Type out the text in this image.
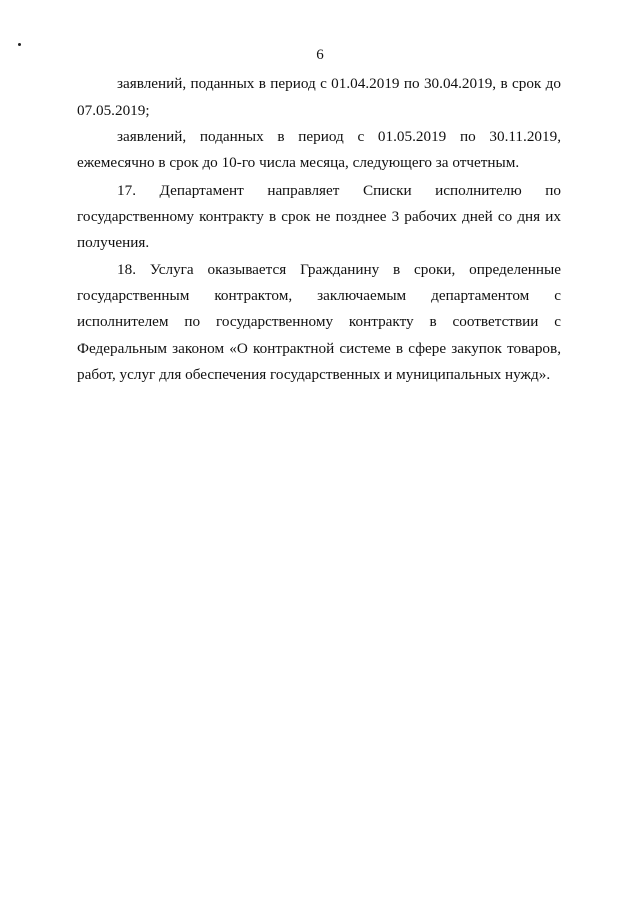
6
заявлений, поданных в период с 01.04.2019 по 30.04.2019, в срок до
07.05.2019;
заявлений, поданных в период с 01.05.2019 по 30.11.2019,
ежемесячно в срок до 10-го числа месяца, следующего за отчетным.
17. Департамент направляет Списки исполнителю по
государственному контракту в срок не позднее 3 рабочих дней со дня их
получения.
18. Услуга оказывается Гражданину в сроки, определенные
государственным контрактом, заключаемым департаментом с
исполнителем по государственному контракту в соответствии с
Федеральным законом «О контрактной системе в сфере закупок товаров,
работ, услуг для обеспечения государственных и муниципальных нужд».
